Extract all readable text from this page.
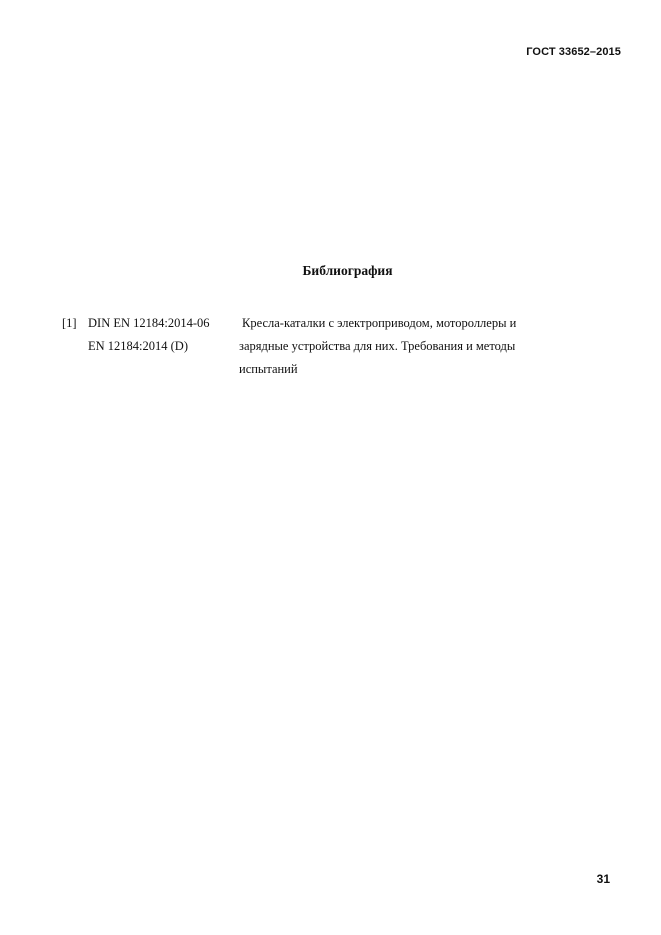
ГОСТ 33652–2015
Библиография
[1] DIN EN 12184:2014-06
EN 12184:2014 (D)
Кресла-каталки с электроприводом, мотороллеры и
зарядные устройства для них. Требования и методы
испытаний
31
